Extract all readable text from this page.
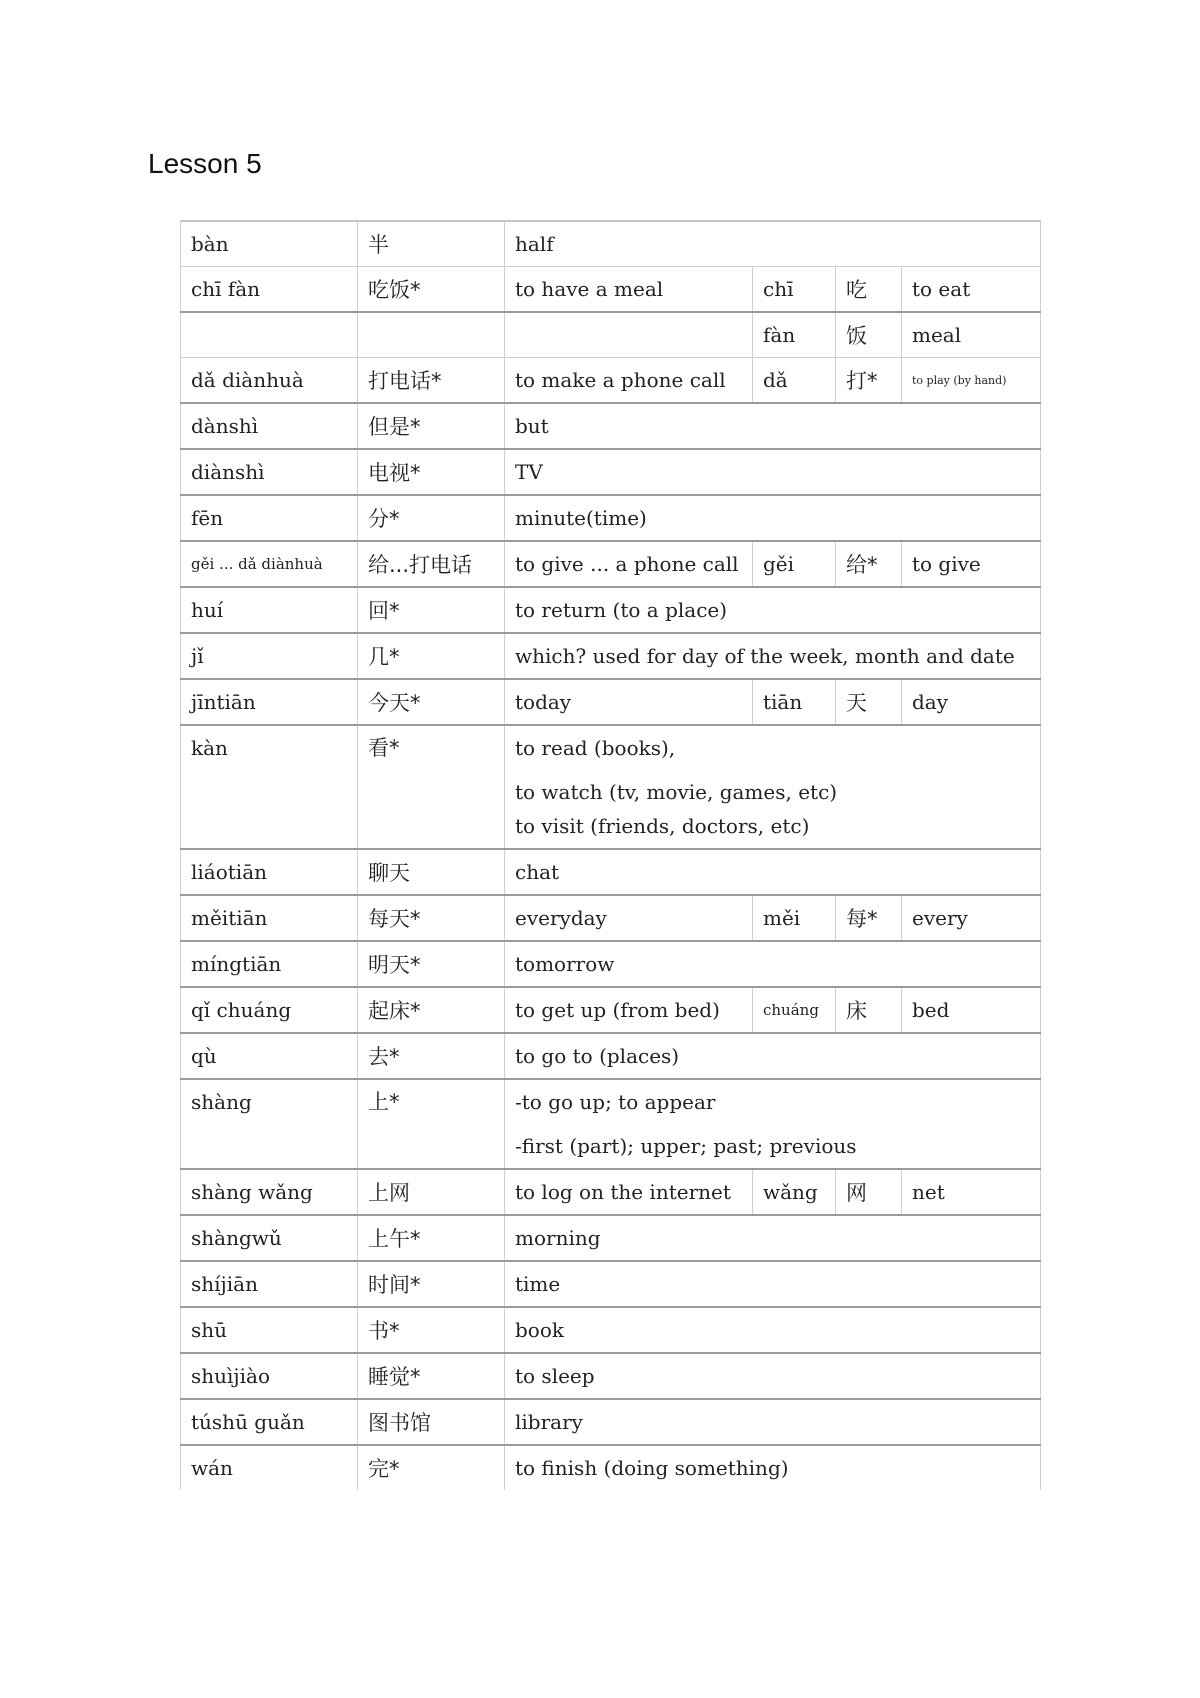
Lesson 5
bàn	半	half			
chī fàn	吃饭*	to have a meal	chī	吃	to eat
			fàn	饭	meal
dǎ diànhuà	打电话*	to make a phone call	dǎ	打*	to play (by hand)
dànshì	但是*	but			
diànshì	电视*	TV			
fēn	分*	minute(time)			
gěi ... dǎ diànhuà	给...打电话	to give ... a phone call	gěi	给*	to give
huí	回*	to return (to a place)			
jǐ	几*	which? used for day of the week, month and date			
jīntiān	今天*	today	tiān	天	day

kàn	看*	to read (books),
to watch (tv, movie, games, etc)
to visit (friends, doctors, etc)			

liáotiān	聊天	chat			
měitiān	每天*	everyday	měi	每*	every
míngtiān	明天*	tomorrow			
qǐ chuáng	起床*	to get up (from bed)	chuáng	床	bed
qù	去*	to go to (places)			

shàng	上*	-to go up; to appear
-first (part); upper; past; previous			

shàng wǎng	上网	to log on the internet	wǎng	网	net
shàngwǔ	上午*	morning			
shíjiān	时间*	time			
shū	书*	book			
shuìjiào	睡觉*	to sleep			
túshū guǎn	图书馆	library			
wán	完*	to finish (doing something)			
